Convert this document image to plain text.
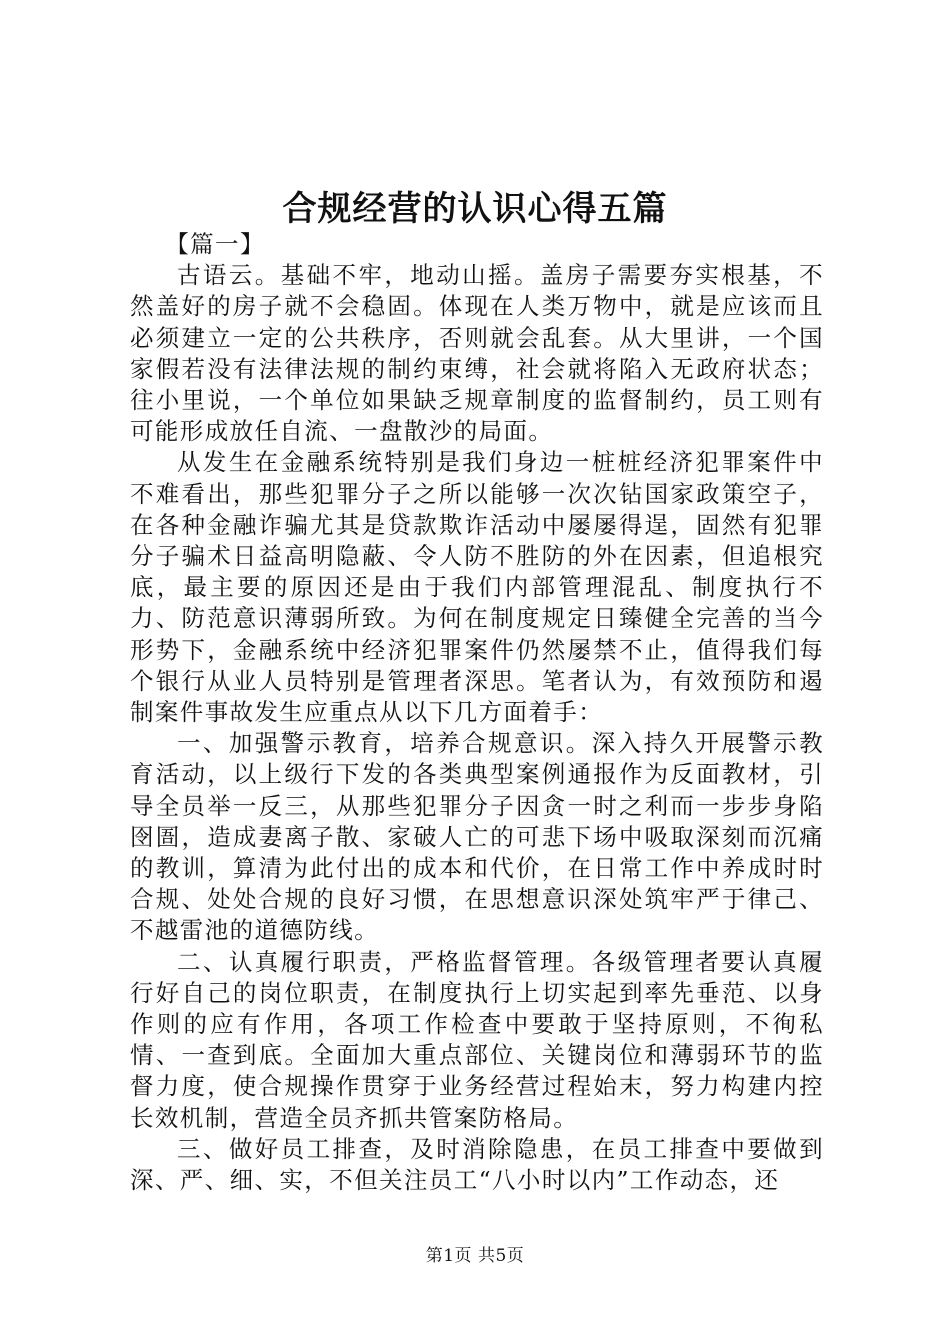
合规经营的认识心得五篇
【篇一】

古语云。基础不牢，地动山摇。盖房子需要夯实根基，不然盖好的房子就不会稳固。体现在人类万物中，就是应该而且必须建立一定的公共秩序，否则就会乱套。从大里讲，一个国家假若没有法律法规的制约束缚，社会就将陷入无政府状态；往小里说，一个单位如果缺乏规章制度的监督制约，员工则有可能形成放任自流、一盘散沙的局面。

从发生在金融系统特别是我们身边一桩桩经济犯罪案件中不难看出，那些犯罪分子之所以能够一次次钻国家政策空子，在各种金融诈骗尤其是贷款欺诈活动中屡屡得逞，固然有犯罪分子骗术日益高明隐蔽、令人防不胜防的外在因素，但追根究底，最主要的原因还是由于我们内部管理混乱、制度执行不力、防范意识薄弱所致。为何在制度规定日臻健全完善的当今形势下，金融系统中经济犯罪案件仍然屡禁不止，值得我们每个银行从业人员特别是管理者深思。笔者认为，有效预防和遏制案件事故发生应重点从以下几方面着手：

一、加强警示教育，培养合规意识。深入持久开展警示教育活动，以上级行下发的各类典型案例通报作为反面教材，引导全员举一反三，从那些犯罪分子因贪一时之利而一步步身陷囹圄，造成妻离子散、家破人亡的可悲下场中吸取深刻而沉痛的教训，算清为此付出的成本和代价，在日常工作中养成时时合规、处处合规的良好习惯，在思想意识深处筑牢严于律己、不越雷池的道德防线。

二、认真履行职责，严格监督管理。各级管理者要认真履行好自己的岗位职责，在制度执行上切实起到率先垂范、以身作则的应有作用，各项工作检查中要敢于坚持原则，不徇私情、一查到底。全面加大重点部位、关键岗位和薄弱环节的监督力度，使合规操作贯穿于业务经营过程始末，努力构建内控长效机制，营造全员齐抓共管案防格局。

三、做好员工排查，及时消除隐患，在员工排查中要做到深、严、细、实，不但关注员工“八小时以内”工作动态，还

第1页 共5页
